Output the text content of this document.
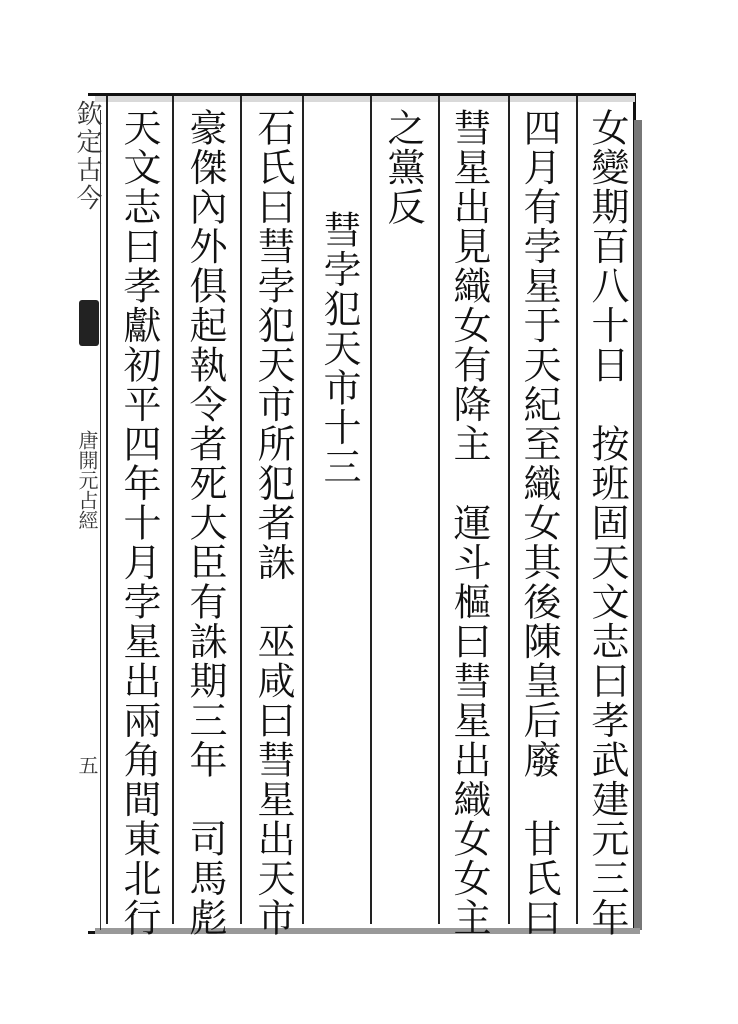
欽定古今
唐開元占經
五	女變期百八十日　按班固天文志曰孝武建元三年
四月有孛星于天紀至織女其後陳皇后廢　甘氏曰
彗星出見織女有降主　運斗樞曰彗星出織女女主
之黨反
彗孛犯天市十三
石氏曰彗孛犯天市所犯者誅　巫咸曰彗星出天市
豪傑內外俱起執令者死大臣有誅期三年　司馬彪
天文志曰孝獻初平四年十月孛星出兩角間東北行
